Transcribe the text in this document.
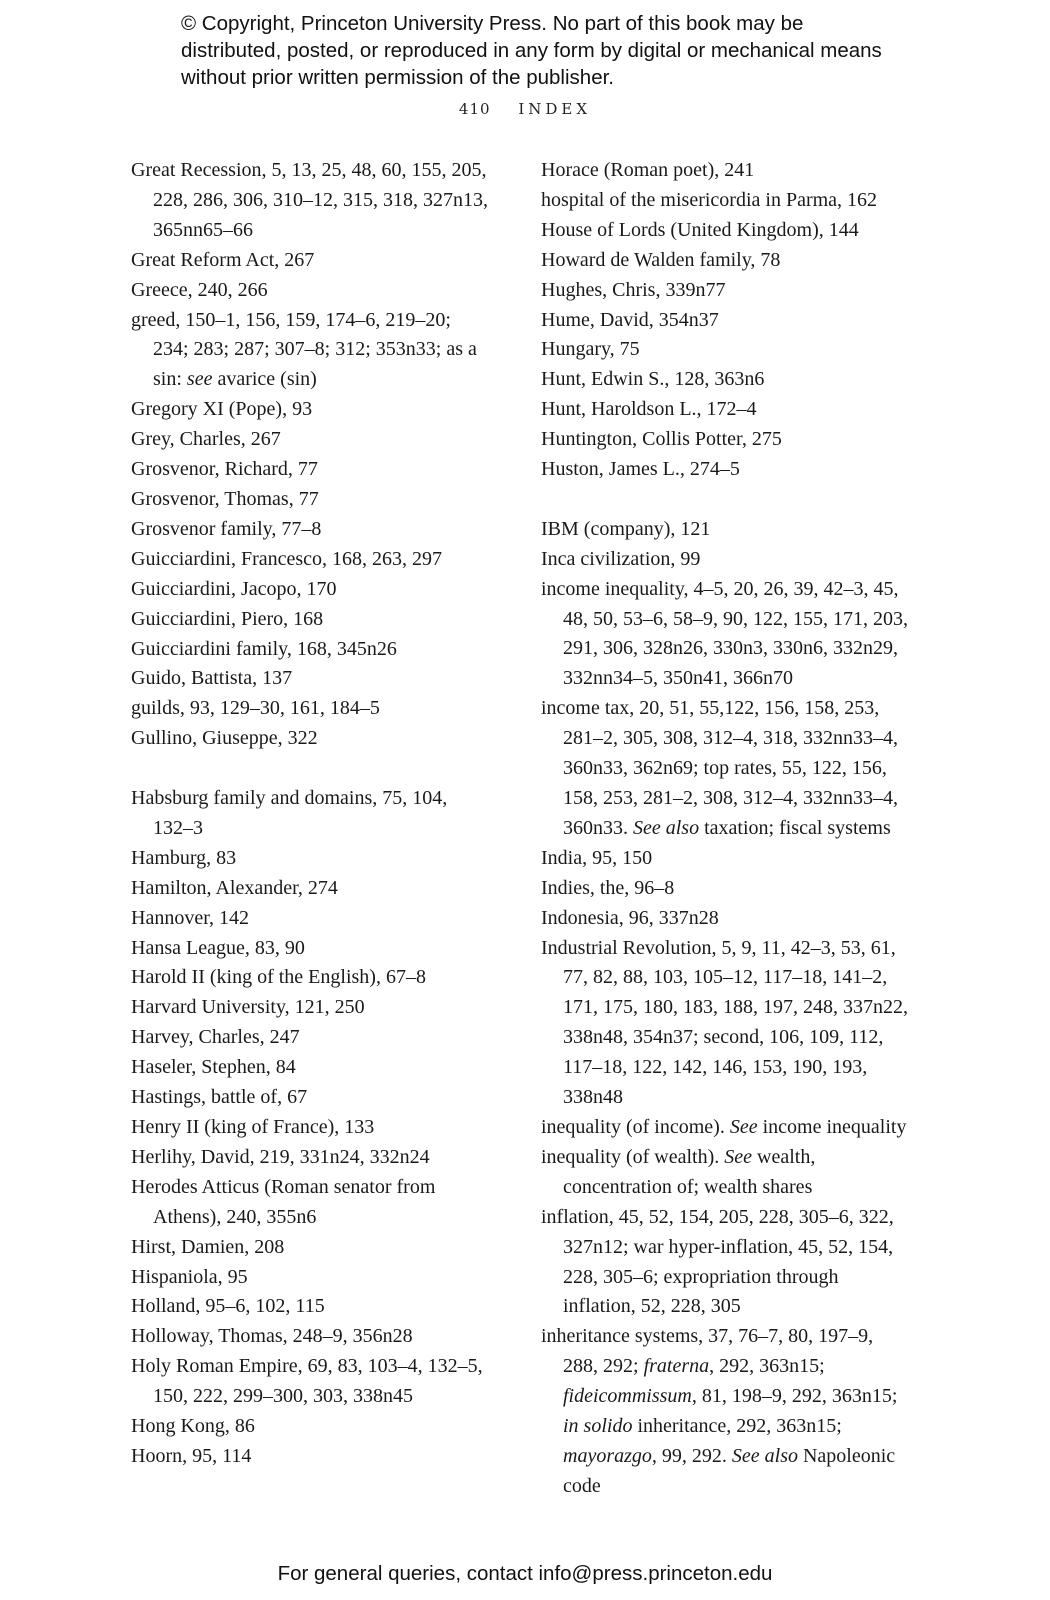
© Copyright, Princeton University Press. No part of this book may be distributed, posted, or reproduced in any form by digital or mechanical means without prior written permission of the publisher.
410 INDEX
Great Recession, 5, 13, 25, 48, 60, 155, 205, 228, 286, 306, 310–12, 315, 318, 327n13, 365nn65–66
Great Reform Act, 267
Greece, 240, 266
greed, 150–1, 156, 159, 174–6, 219–20; 234; 283; 287; 307–8; 312; 353n33; as a sin: see avarice (sin)
Gregory XI (Pope), 93
Grey, Charles, 267
Grosvenor, Richard, 77
Grosvenor, Thomas, 77
Grosvenor family, 77–8
Guicciardini, Francesco, 168, 263, 297
Guicciardini, Jacopo, 170
Guicciardini, Piero, 168
Guicciardini family, 168, 345n26
Guido, Battista, 137
guilds, 93, 129–30, 161, 184–5
Gullino, Giuseppe, 322
Habsburg family and domains, 75, 104, 132–3
Hamburg, 83
Hamilton, Alexander, 274
Hannover, 142
Hansa League, 83, 90
Harold II (king of the English), 67–8
Harvard University, 121, 250
Harvey, Charles, 247
Haseler, Stephen, 84
Hastings, battle of, 67
Henry II (king of France), 133
Herlihy, David, 219, 331n24, 332n24
Herodes Atticus (Roman senator from Athens), 240, 355n6
Hirst, Damien, 208
Hispaniola, 95
Holland, 95–6, 102, 115
Holloway, Thomas, 248–9, 356n28
Holy Roman Empire, 69, 83, 103–4, 132–5, 150, 222, 299–300, 303, 338n45
Hong Kong, 86
Hoorn, 95, 114
Horace (Roman poet), 241
hospital of the misericordia in Parma, 162
House of Lords (United Kingdom), 144
Howard de Walden family, 78
Hughes, Chris, 339n77
Hume, David, 354n37
Hungary, 75
Hunt, Edwin S., 128, 363n6
Hunt, Haroldson L., 172–4
Huntington, Collis Potter, 275
Huston, James L., 274–5
IBM (company), 121
Inca civilization, 99
income inequality, 4–5, 20, 26, 39, 42–3, 45, 48, 50, 53–6, 58–9, 90, 122, 155, 171, 203, 291, 306, 328n26, 330n3, 330n6, 332n29, 332nn34–5, 350n41, 366n70
income tax, 20, 51, 55,122, 156, 158, 253, 281–2, 305, 308, 312–4, 318, 332nn33–4, 360n33, 362n69; top rates, 55, 122, 156, 158, 253, 281–2, 308, 312–4, 332nn33–4, 360n33. See also taxation; fiscal systems
India, 95, 150
Indies, the, 96–8
Indonesia, 96, 337n28
Industrial Revolution, 5, 9, 11, 42–3, 53, 61, 77, 82, 88, 103, 105–12, 117–18, 141–2, 171, 175, 180, 183, 188, 197, 248, 337n22, 338n48, 354n37; second, 106, 109, 112, 117–18, 122, 142, 146, 153, 190, 193, 338n48
inequality (of income). See income inequality
inequality (of wealth). See wealth, concentration of; wealth shares
inflation, 45, 52, 154, 205, 228, 305–6, 322, 327n12; war hyper-inflation, 45, 52, 154, 228, 305–6; expropriation through inflation, 52, 228, 305
inheritance systems, 37, 76–7, 80, 197–9, 288, 292; fraterna, 292, 363n15; fideicommissum, 81, 198–9, 292, 363n15; in solido inheritance, 292, 363n15; mayorazgo, 99, 292. See also Napoleonic code
For general queries, contact info@press.princeton.edu
